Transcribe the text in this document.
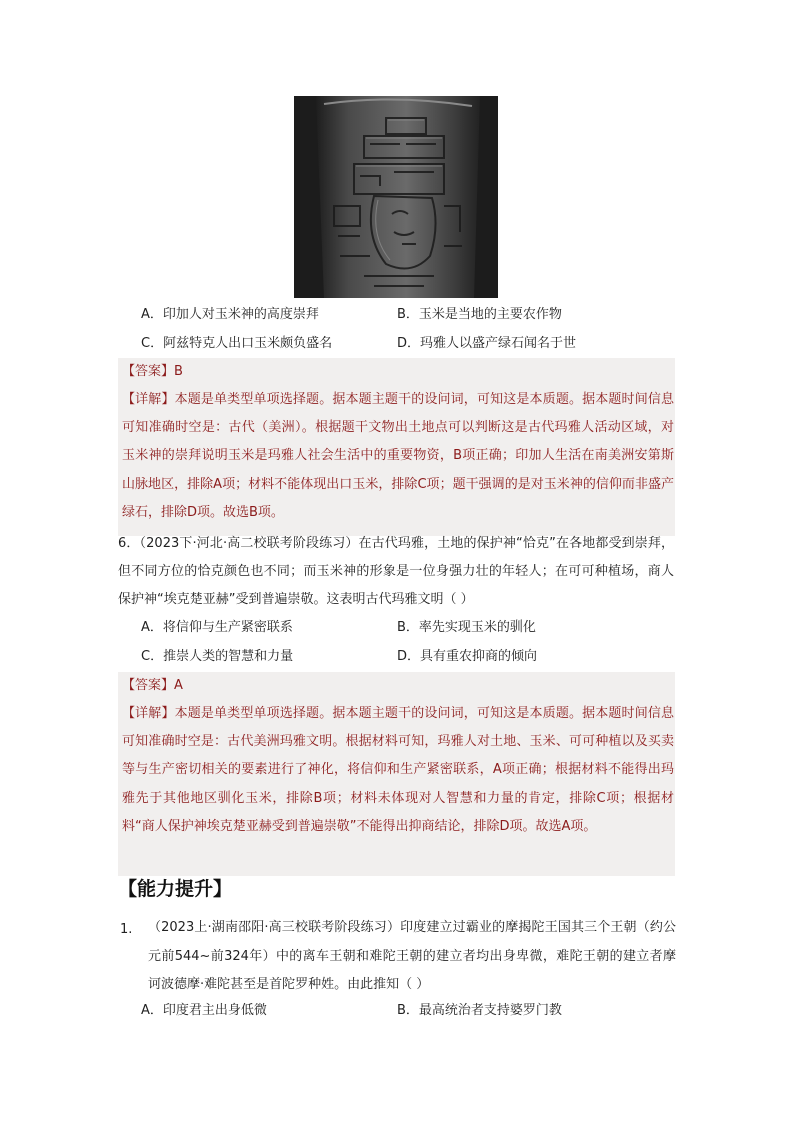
A．印加人对玉米神的高度崇拜	B．玉米是当地的主要农作物
C．阿兹特克人出口玉米颇负盛名	D．玛雅人以盛产绿石闻名于世
【答案】B
【详解】本题是单类型单项选择题。据本题主题干的设问词，可知这是本质题。据本题时间信息可知准确时空是：古代（美洲）。根据题干文物出土地点可以判断这是古代玛雅人活动区域，对玉米神的崇拜说明玉米是玛雅人社会生活中的重要物资，B项正确；印加人生活在南美洲安第斯山脉地区，排除A项；材料不能体现出口玉米，排除C项；题干强调的是对玉米神的信仰而非盛产绿石，排除D项。故选B项。
6．（2023下·河北·高二校联考阶段练习）在古代玛雅，土地的保护神“恰克”在各地都受到崇拜，但不同方位的恰克颜色也不同；而玉米神的形象是一位身强力壮的年轻人；在可可种植场，商人保护神“埃克楚亚赫”受到普遍崇敬。这表明古代玛雅文明（ ）
A．将信仰与生产紧密联系	B．率先实现玉米的驯化
C．推崇人类的智慧和力量	D．具有重农抑商的倾向
【答案】A
【详解】本题是单类型单项选择题。据本题主题干的设问词，可知这是本质题。据本题时间信息可知准确时空是：古代美洲玛雅文明。根据材料可知，玛雅人对土地、玉米、可可种植以及买卖等与生产密切相关的要素进行了神化，将信仰和生产紧密联系，A项正确；根据材料不能得出玛雅先于其他地区驯化玉米，排除B项；材料未体现对人智慧和力量的肯定，排除C项；根据材料“商人保护神埃克楚亚赫受到普遍崇敬”不能得出抑商结论，排除D项。故选A项。
【能力提升】
1. （2023上·湖南邵阳·高三校联考阶段练习）印度建立过霸业的摩揭陀王国其三个王朝（约公元前544~前324年）中的离车王朝和难陀王朝的建立者均出身卑微，难陀王朝的建立者摩诃波德摩·难陀甚至是首陀罗种姓。由此推知（ ）
A．印度君主出身低微	B．最高统治者支持婆罗门教
